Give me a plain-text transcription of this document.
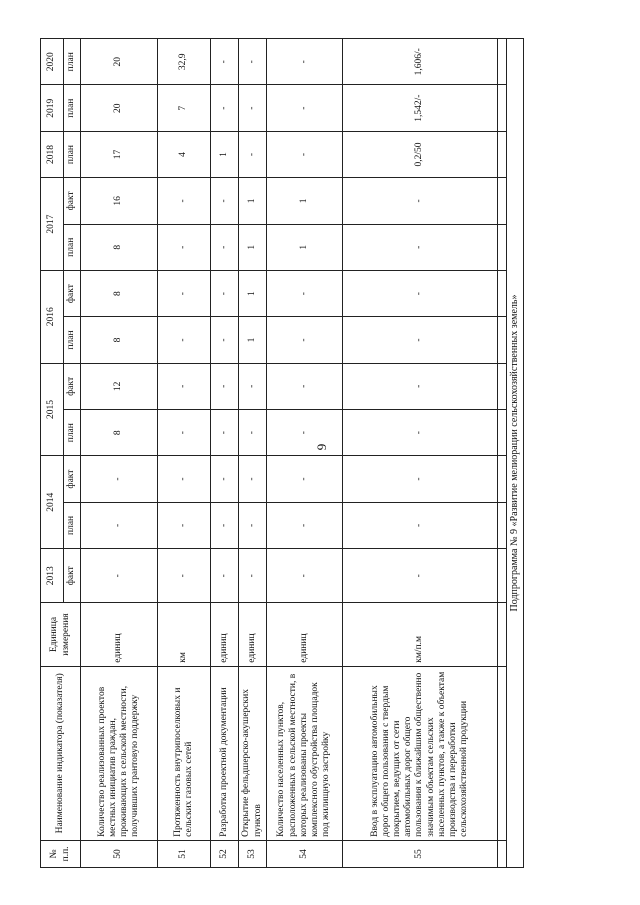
9
№ п.п.	Наименование индикатора (показателя)	Единица измерения	2013	2014		2015		2016		2017		2018	2019	2020
			факт	план	факт	план	факт	план	факт	план	факт	план	план	план
50	Количество реализованных проектов местных инициатив граждан, проживающих в сельской местности, получивших грантовую поддержку	единиц	-	-	-	8	12	8	8	8	16	17	20	20
51	Протяженность внутрипоселковых и сельских газовых сетей	км	-	-	-	-	-	-	-	-	-	4	7	32,9
52	Разработка проектной документации	единиц	-	-	-	-	-	-	-	-	-	1	-	-
53	Открытие фельдшерско-акушерских пунктов	единиц	-	-	-	-	-	1	1	1	1	-	-	-
54	Количество населенных пунктов, расположенных в сельской местности, в которых реализованы проекты комплексного обустройства площадок под жилищную застройку	единиц	-	-	-	-	-	-	-	1	1	-	-	-
55	Ввод в эксплуатацию автомобильных дорог общего пользования с твердым покрытием, ведущих от сети автомобильных дорог общего пользования к ближайшим общественно значимым объектам сельских населенных пунктов, а также к объектам производства и переработки сельскохозяйственной продукции	км/п.м	-	-	-	-	-	-	-	-	-	0,2/50	1,542/-	1,606/-

Подпрограмма № 9 «Развитие мелиорации сельскохозяйственных земель»														
